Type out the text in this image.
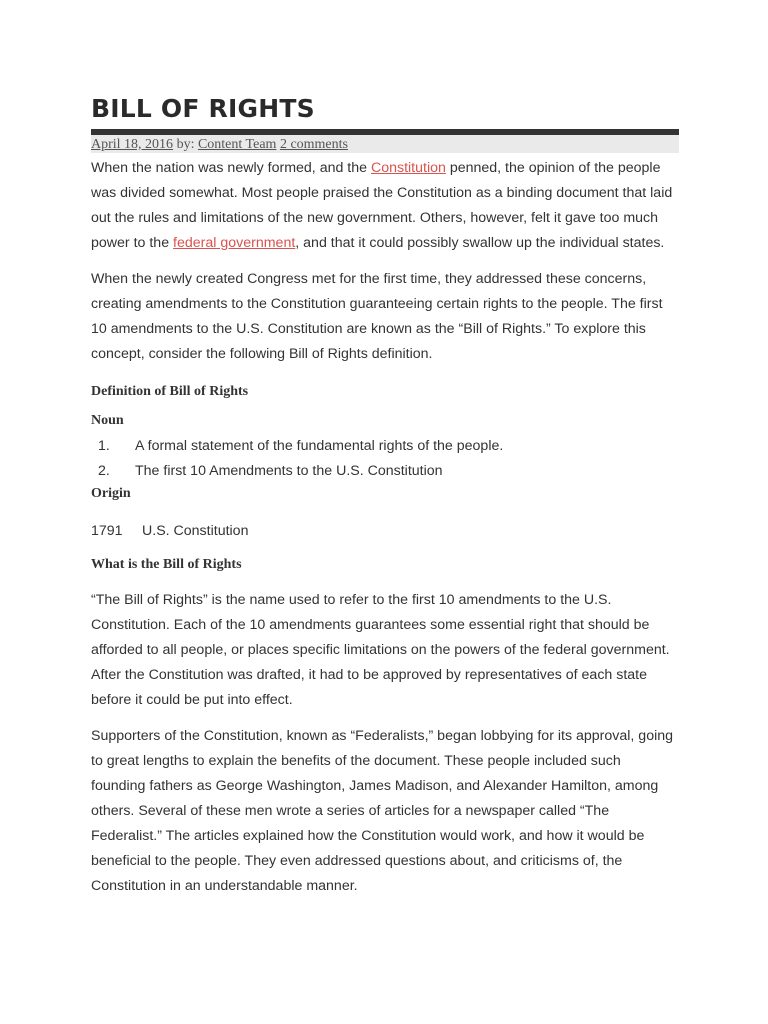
BILL OF RIGHTS
April 18, 2016 by: Content Team 2 comments

When the nation was newly formed, and the Constitution penned, the opinion of the people was divided somewhat. Most people praised the Constitution as a binding document that laid out the rules and limitations of the new government. Others, however, felt it gave too much power to the federal government, and that it could possibly swallow up the individual states.

When the newly created Congress met for the first time, they addressed these concerns, creating amendments to the Constitution guaranteeing certain rights to the people. The first 10 amendments to the U.S. Constitution are known as the “Bill of Rights.” To explore this concept, consider the following Bill of Rights definition.

Definition of Bill of Rights
Noun
1. A formal statement of the fundamental rights of the people.
2. The first 10 Amendments to the U.S. Constitution
Origin
1791 U.S. Constitution
What is the Bill of Rights

“The Bill of Rights” is the name used to refer to the first 10 amendments to the U.S. Constitution. Each of the 10 amendments guarantees some essential right that should be afforded to all people, or places specific limitations on the powers of the federal government. After the Constitution was drafted, it had to be approved by representatives of each state before it could be put into effect.

Supporters of the Constitution, known as “Federalists,” began lobbying for its approval, going to great lengths to explain the benefits of the document. These people included such founding fathers as George Washington, James Madison, and Alexander Hamilton, among others. Several of these men wrote a series of articles for a newspaper called “The Federalist.” The articles explained how the Constitution would work, and how it would be beneficial to the people. They even addressed questions about, and criticisms of, the Constitution in an understandable manner.
